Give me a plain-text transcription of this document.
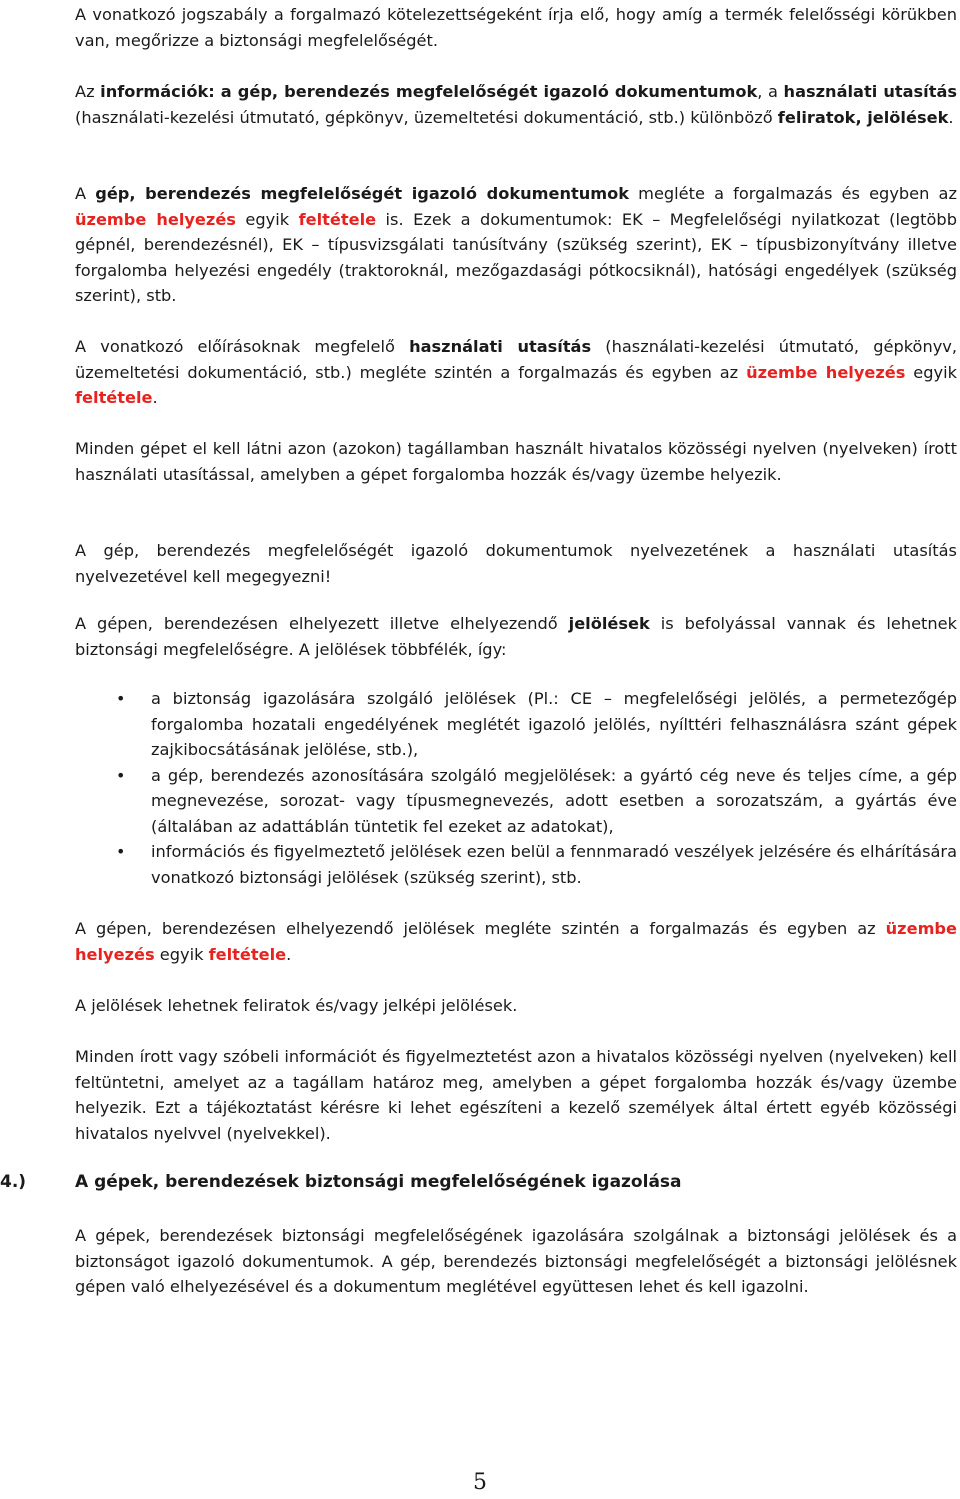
A vonatkozó jogszabály a forgalmazó kötelezettségeként írja elő, hogy amíg a termék felelősségi körükben van, megőrizze a biztonsági megfelelőségét.

Az információk: a gép, berendezés megfelelőségét igazoló dokumentumok, a használati utasítás (használati-kezelési útmutató, gépkönyv, üzemeltetési dokumentáció, stb.) különböző feliratok, jelölések.

A gép, berendezés megfelelőségét igazoló dokumentumok megléte a forgalmazás és egyben az üzembe helyezés egyik feltétele is. Ezek a dokumentumok: EK – Megfelelőségi nyilatkozat (legtöbb gépnél, berendezésnél), EK – típusvizsgálati tanúsítvány (szükség szerint), EK – típusbizonyítvány illetve forgalomba helyezési engedély (traktoroknál, mezőgazdasági pótkocsiknál), hatósági engedélyek (szükség szerint), stb.

A vonatkozó előírásoknak megfelelő használati utasítás (használati-kezelési útmutató, gépkönyv, üzemeltetési dokumentáció, stb.) megléte szintén a forgalmazás és egyben az üzembe helyezés egyik feltétele.

Minden gépet el kell látni azon (azokon) tagállamban használt hivatalos közösségi nyelven (nyelveken) írott használati utasítással, amelyben a gépet forgalomba hozzák és/vagy üzembe helyezik.

A gép, berendezés megfelelőségét igazoló dokumentumok nyelvezetének a használati utasítás nyelvezetével kell megegyezni!

A gépen, berendezésen elhelyezett illetve elhelyezendő jelölések is befolyással vannak és lehetnek biztonsági megfelelőségre. A jelölések többfélék, így:

• a biztonság igazolására szolgáló jelölések (Pl.: CE – megfelelőségi jelölés, a permetezőgép forgalomba hozatali engedélyének meglétét igazoló jelölés, nyílttéri felhasználásra szánt gépek zajkibocsátásának jelölése, stb.),
• a gép, berendezés azonosítására szolgáló megjelölések: a gyártó cég neve és teljes címe, a gép megnevezése, sorozat- vagy típusmegnevezés, adott esetben a sorozatszám, a gyártás éve (általában az adattáblán tüntetik fel ezeket az adatokat),
• információs és figyelmeztető jelölések ezen belül a fennmaradó veszélyek jelzésére és elhárítására vonatkozó biztonsági jelölések (szükség szerint), stb.

A gépen, berendezésen elhelyezendő jelölések megléte szintén a forgalmazás és egyben az üzembe helyezés egyik feltétele.

A jelölések lehetnek feliratok és/vagy jelképi jelölések.

Minden írott vagy szóbeli információt és figyelmeztetést azon a hivatalos közösségi nyelven (nyelveken) kell feltüntetni, amelyet az a tagállam határoz meg, amelyben a gépet forgalomba hozzák és/vagy üzembe helyezik. Ezt a tájékoztatást kérésre ki lehet egészíteni a kezelő személyek által értett egyéb közösségi hivatalos nyelvvel (nyelvekkel).

4.)	A gépek, berendezések biztonsági megfelelőségének igazolása

A gépek, berendezések biztonsági megfelelőségének igazolására szolgálnak a biztonsági jelölések és a biztonságot igazoló dokumentumok. A gép, berendezés biztonsági megfelelőségét a biztonsági jelölésnek gépen való elhelyezésével és a dokumentum meglétével együttesen lehet és kell igazolni.

5
